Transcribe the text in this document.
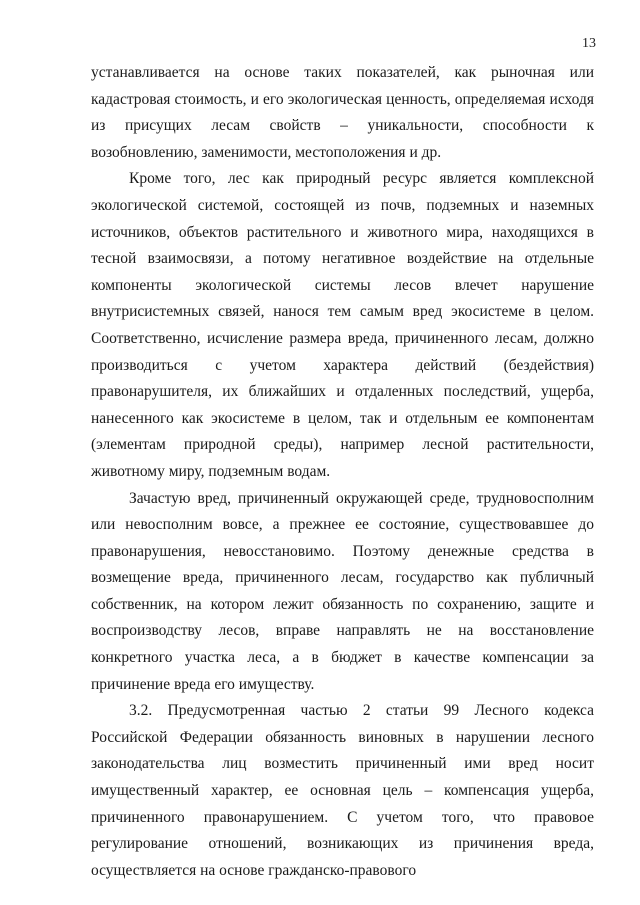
13

устанавливается на основе таких показателей, как рыночная или кадастровая стоимость, и его экологическая ценность, определяемая исходя из присущих лесам свойств – уникальности, способности к возобновлению, заменимости, местоположения и др.

Кроме того, лес как природный ресурс является комплексной экологической системой, состоящей из почв, подземных и наземных источников, объектов растительного и животного мира, находящихся в тесной взаимосвязи, а потому негативное воздействие на отдельные компоненты экологической системы лесов влечет нарушение внутрисистемных связей, нанося тем самым вред экосистеме в целом. Соответственно, исчисление размера вреда, причиненного лесам, должно производиться с учетом характера действий (бездействия) правонарушителя, их ближайших и отдаленных последствий, ущерба, нанесенного как экосистеме в целом, так и отдельным ее компонентам (элементам природной среды), например лесной растительности, животному миру, подземным водам.

Зачастую вред, причиненный окружающей среде, трудновосполним или невосполним вовсе, а прежнее ее состояние, существовавшее до правонарушения, невосстановимо. Поэтому денежные средства в возмещение вреда, причиненного лесам, государство как публичный собственник, на котором лежит обязанность по сохранению, защите и воспроизводству лесов, вправе направлять не на восстановление конкретного участка леса, а в бюджет в качестве компенсации за причинение вреда его имуществу.

3.2. Предусмотренная частью 2 статьи 99 Лесного кодекса Российской Федерации обязанность виновных в нарушении лесного законодательства лиц возместить причиненный ими вред носит имущественный характер, ее основная цель – компенсация ущерба, причиненного правонарушением. С учетом того, что правовое регулирование отношений, возникающих из причинения вреда, осуществляется на основе гражданско-правового
